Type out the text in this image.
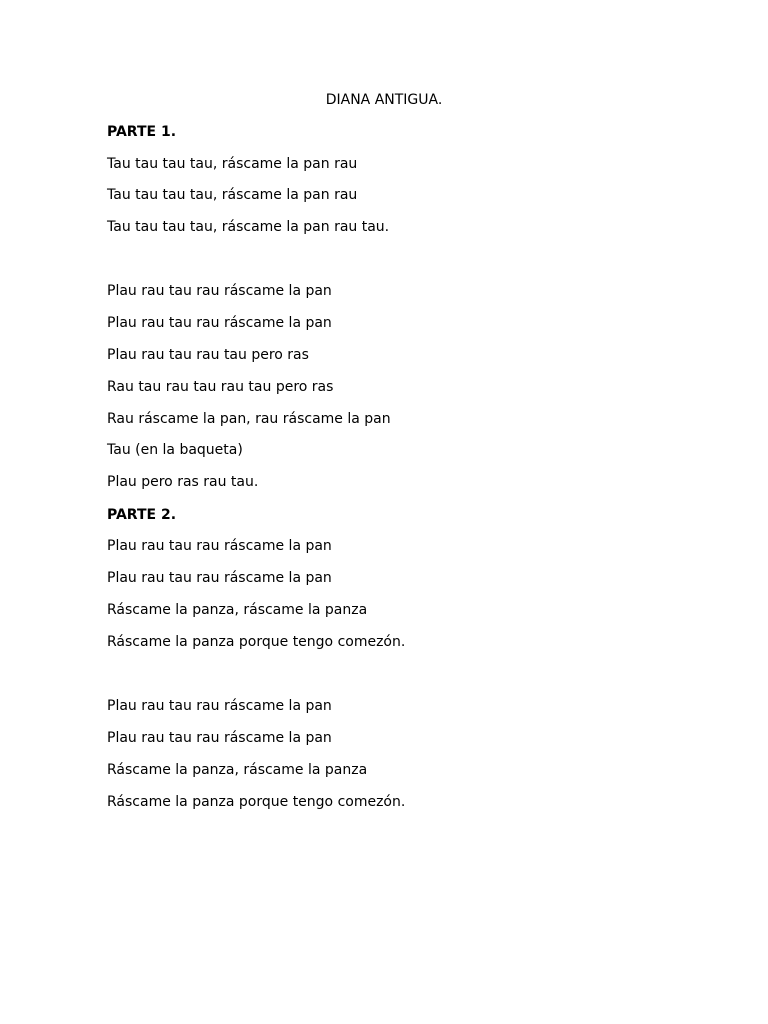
DIANA ANTIGUA.
PARTE 1.
Tau tau tau tau, ráscame la pan rau
Tau tau tau tau, ráscame la pan rau
Tau tau tau tau, ráscame la pan rau tau.
Plau rau tau rau ráscame la pan
Plau rau tau rau ráscame la pan
Plau rau tau rau tau pero ras
Rau tau rau tau rau tau pero ras
Rau ráscame la pan, rau ráscame la pan
Tau (en la baqueta)
Plau pero ras rau tau.
PARTE 2.
Plau rau tau rau ráscame la pan
Plau rau tau rau ráscame la pan
Ráscame la panza, ráscame la panza
Ráscame la panza porque tengo comezón.
Plau rau tau rau ráscame la pan
Plau rau tau rau ráscame la pan
Ráscame la panza, ráscame la panza
Ráscame la panza porque tengo comezón.
